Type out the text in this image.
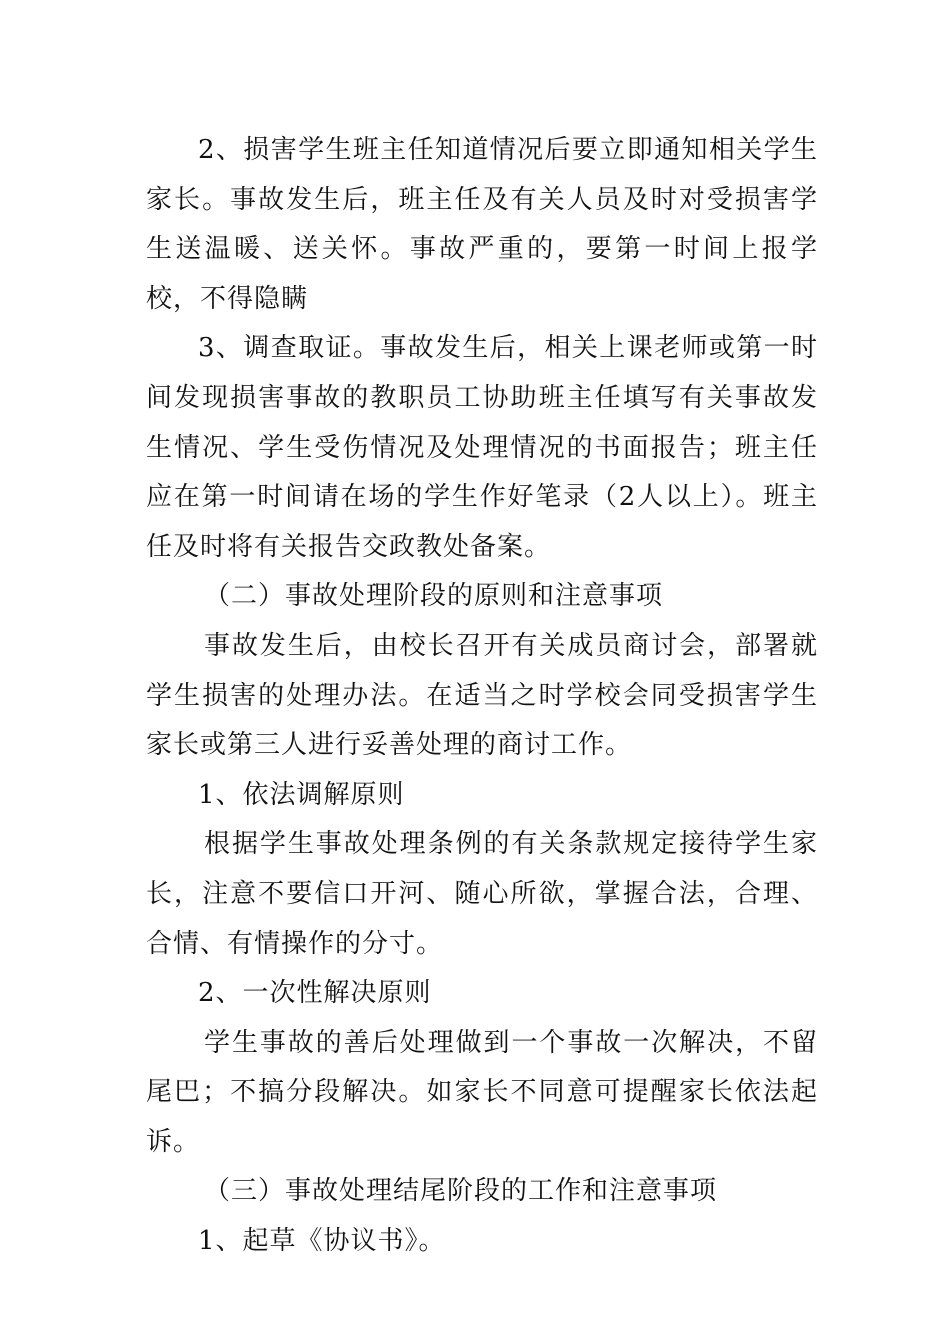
2、损害学生班主任知道情况后要立即通知相关学生家长。事故发生后，班主任及有关人员及时对受损害学生送温暖、送关怀。事故严重的，要第一时间上报学校，不得隐瞒

3、调查取证。事故发生后，相关上课老师或第一时间发现损害事故的教职员工协助班主任填写有关事故发生情况、学生受伤情况及处理情况的书面报告；班主任应在第一时间请在场的学生作好笔录（2人以上）。班主任及时将有关报告交政教处备案。

（二）事故处理阶段的原则和注意事项

事故发生后，由校长召开有关成员商讨会，部署就学生损害的处理办法。在适当之时学校会同受损害学生家长或第三人进行妥善处理的商讨工作。

1、依法调解原则

根据学生事故处理条例的有关条款规定接待学生家长，注意不要信口开河、随心所欲，掌握合法，合理、合情、有情操作的分寸。

2、一次性解决原则

学生事故的善后处理做到一个事故一次解决，不留尾巴；不搞分段解决。如家长不同意可提醒家长依法起诉。

（三）事故处理结尾阶段的工作和注意事项

1、起草《协议书》。
